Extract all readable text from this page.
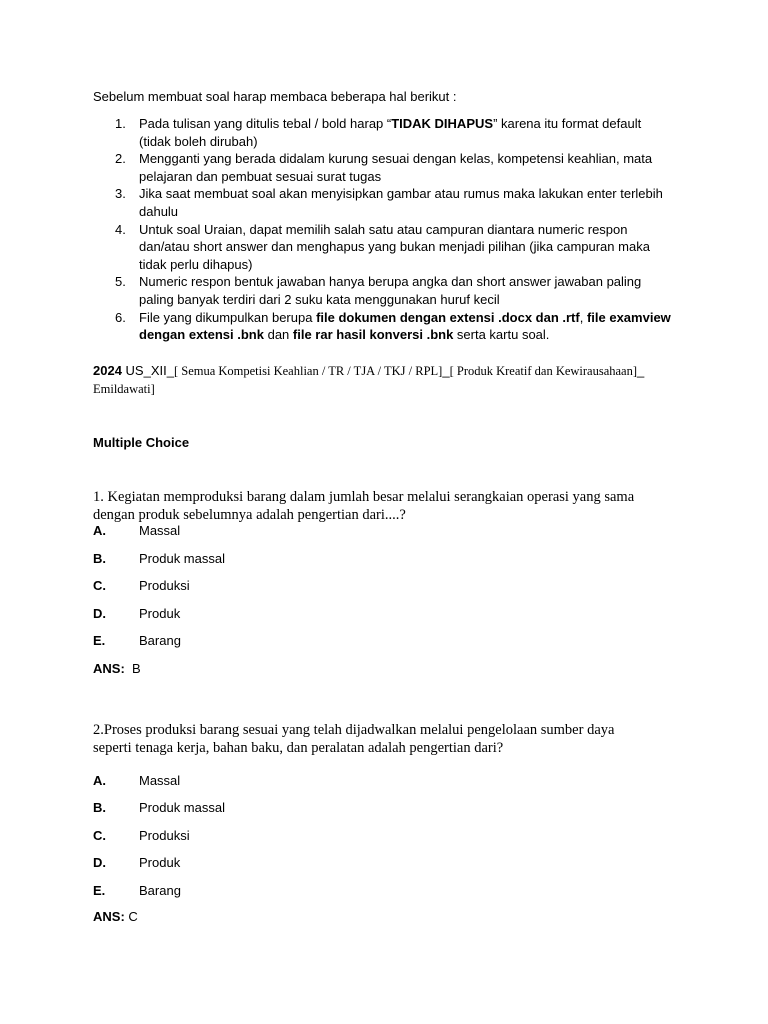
Sebelum membuat soal harap membaca beberapa hal berikut :
1. Pada tulisan yang ditulis tebal / bold harap “TIDAK DIHAPUS” karena itu format default
(tidak boleh dirubah)
2. Mengganti yang berada didalam kurung sesuai dengan kelas, kompetensi keahlian, mata
pelajaran dan pembuat sesuai surat tugas
3. Jika saat membuat soal akan menyisipkan gambar atau rumus maka lakukan enter terlebih
dahulu
4. Untuk soal Uraian, dapat memilih salah satu atau campuran diantara numeric respon
dan/atau short answer dan menghapus yang bukan menjadi pilihan (jika campuran maka
tidak perlu dihapus)
5. Numeric respon bentuk jawaban hanya berupa angka dan short answer jawaban paling
paling banyak terdiri dari 2 suku kata menggunakan huruf kecil
6. File yang dikumpulkan berupa file dokumen dengan extensi .docx dan .rtf, file examview
dengan extensi .bnk dan file rar hasil konversi .bnk serta kartu soal.
2024 US_XII_[ Semua Kompetisi Keahlian / TR / TJA / TKJ / RPL]_[ Produk Kreatif dan Kewirausahaan]_
Emildawati]
Multiple Choice
1. Kegiatan memproduksi barang dalam jumlah besar melalui serangkaian operasi yang sama
dengan produk sebelumnya adalah pengertian dari....?
A.	Massal
B.	Produk massal
C.	Produksi
D.	Produk
E.	Barang
ANS:  B
2.Proses produksi barang sesuai yang telah dijadwalkan melalui pengelolaan sumber daya
seperti tenaga kerja, bahan baku, dan peralatan adalah pengertian dari?
A.	Massal
B.	Produk massal
C.	Produksi
D.	Produk
E.	Barang
ANS: C
